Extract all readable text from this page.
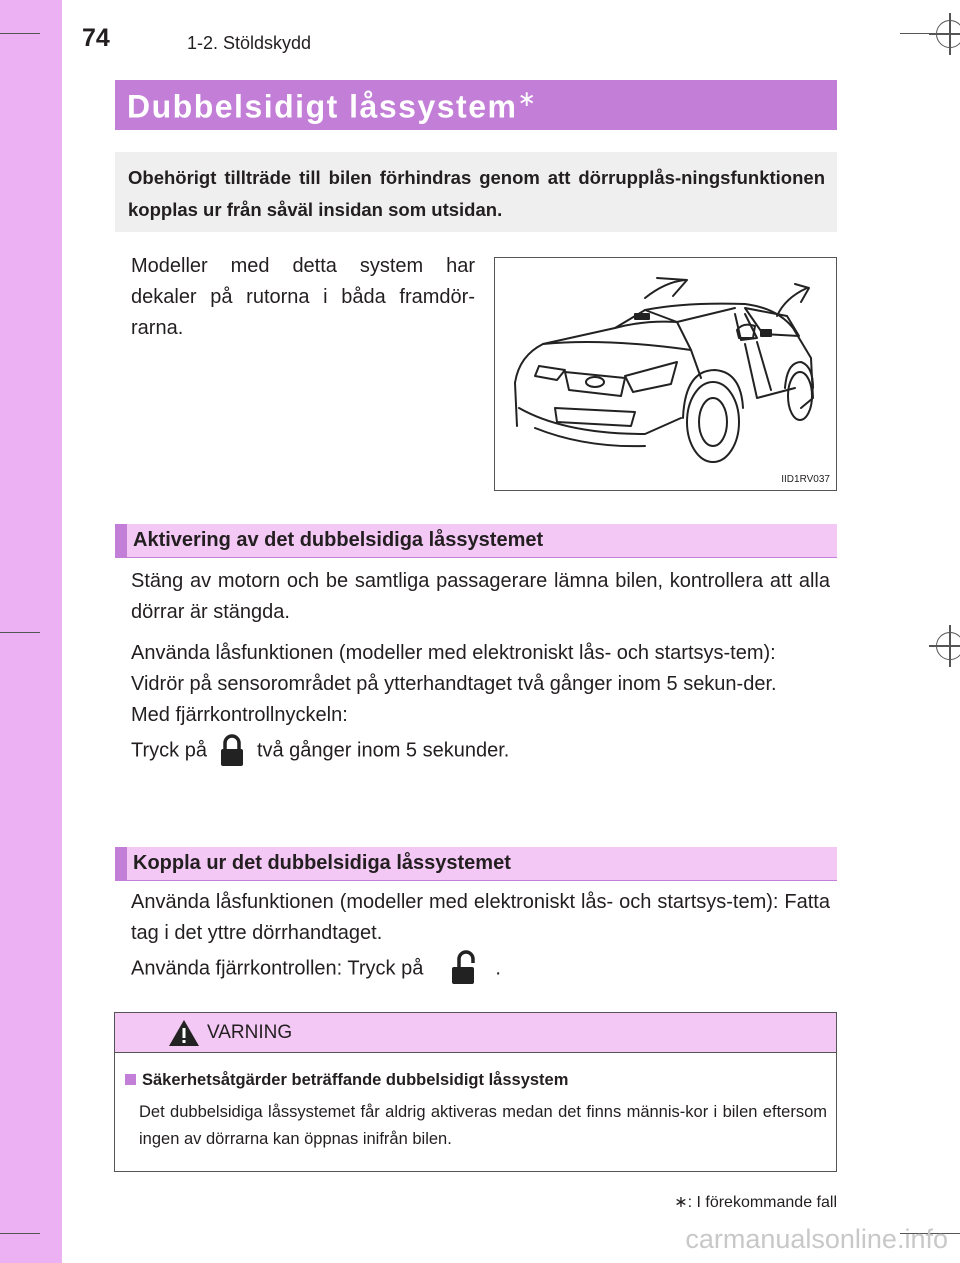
74	1-2. Stöldskydd
Dubbelsidigt låssystem∗
Obehörigt tillträde till bilen förhindras genom att dörrupplås-ningsfunktionen kopplas ur från såväl insidan som utsidan.

Modeller med detta system har dekaler på rutorna i båda framdör-rarna.

IID1RV037
Aktivering av det dubbelsidiga låssystemet

Stäng av motorn och be samtliga passagerare lämna bilen, kontrollera att alla dörrar är stängda.

Använda låsfunktionen (modeller med elektroniskt lås- och startsys-tem):

Vidrör på sensorområdet på ytterhandtaget två gånger inom 5 sekun-der.

Med fjärrkontrollnyckeln:

Tryck på	två gånger inom 5 sekunder.

Koppla ur det dubbelsidiga låssystemet

Använda låsfunktionen (modeller med elektroniskt lås- och startsys-tem): Fatta tag i det yttre dörrhandtaget.

Använda fjärrkontrollen: Tryck på	.

VARNING
Säkerhetsåtgärder beträffande dubbelsidigt låssystem
Det dubbelsidiga låssystemet får aldrig aktiveras medan det finns männis-kor i bilen eftersom ingen av dörrarna kan öppnas inifrån bilen.
∗: I förekommande fall
carmanualsonline.info
